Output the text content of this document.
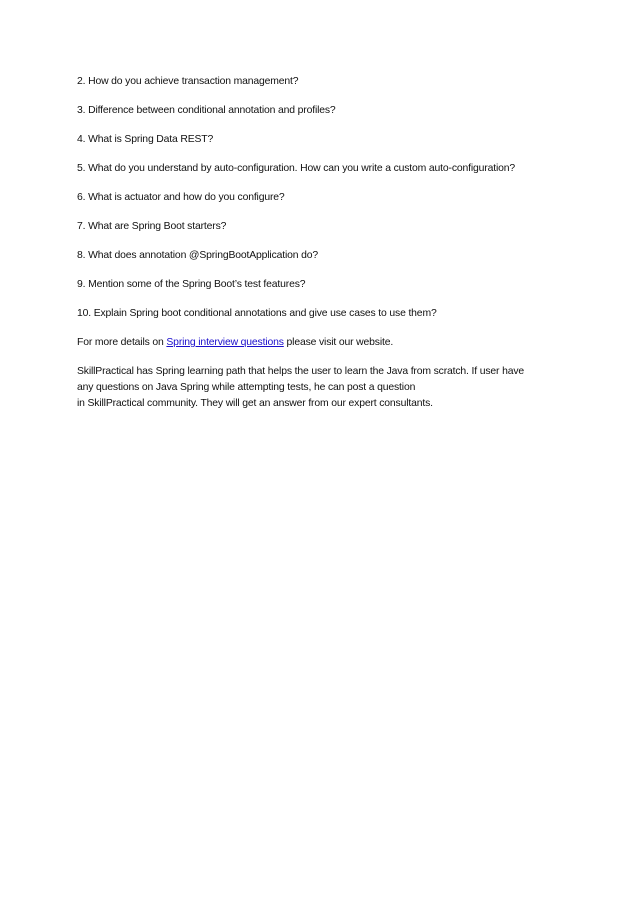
2. How do you achieve transaction management?

3. Difference between conditional annotation and profiles?

4. What is Spring Data REST?

5. What do you understand by auto-configuration. How can you write a custom auto-configuration?

6. What is actuator and how do you configure?

7. What are Spring Boot starters?

8. What does annotation @SpringBootApplication do?

9. Mention some of the Spring Boot’s test features?

10. Explain Spring boot conditional annotations and give use cases to use them?

For more details on Spring interview questions please visit our website.

SkillPractical has Spring learning path that helps the user to learn the Java from scratch. If user have
any questions on Java Spring while attempting tests, he can post a question
in SkillPractical community. They will get an answer from our expert consultants.
